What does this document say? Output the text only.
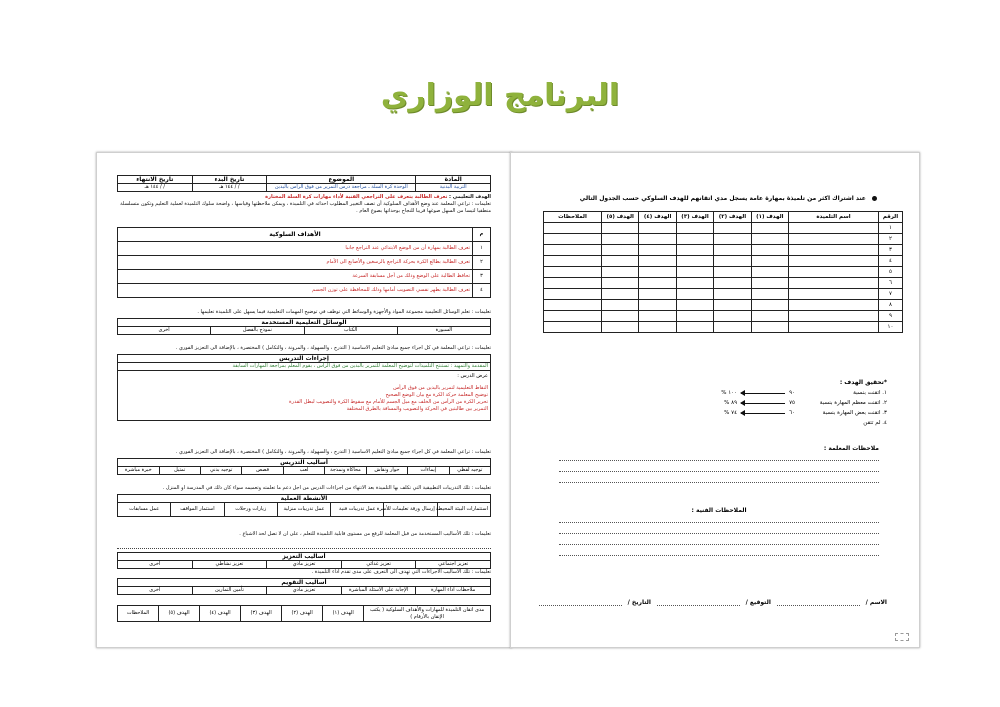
البرنامج الوزاري
المادة	الموضوع	تاريخ البدء	تاريخ الانتهاء
التربية البدنية	الوحدة كرة السلة ـ مراجعة درس التمرير من فوق الرأس باليدين	/ / ١٤٤ هـ	/ / ١٤٤ هـ
الهدف التعليمي : تعرف الطالبة يتعرف على التراجعي الفنية لأداء مهارات كرة السلة المختارة
تعليمات : تراعي المعلمة عند وضع الأهداف السلوكية أن تصف التغيير المطلوب احداثه في التلميذة ، ويمكن ملاحظتها وقياسها ، واضحة سلوك التلميذة لعملية التعليم وتكون متسلسلة منطقيا لتيسا من السهل صوغها قريبا للنجاح بوحداتها بصوغ العام .
م	الأهداف السلوكية
١	تعرف الطالبة بمهارة أن من الوضع الابتدائي عند التراجع جانبا
٢	تعرف الطالبة بطالع الكرة بحركة التراجع بالرسغين والأصابع الى الأمام
٣	تحافظ الطالبة على الوضع وذلك من أجل مسابقة السرعة
٤	تعرف الطالبة بطهر نفسي التصويب أمامها وذلك للمحافظة على توزن الجسم
تعليمات : تعلم الوسائل التعليمية مجموعة المواد والأجهزة والوسائط التي توظف في توضيح المهمات التعليمية فيما يسهل على التلميذة تعليمها .
الوسائل التعليمية المستخدمة
السبورة	الكتاب	نموذج بالفصل	أخرى
تعليمات : تراعي المعلمة في كل اجراء جميع مبادئ التعليم الاساسية ( التدرج ، والسهولة ، والمرونة ، والتكامل ) المختصرة ، بالإضافة الى التعزيز الفوري .
إجراءات التدريس
المقدمة والتمهيد : تستنتج التلميذات لتوضيح المعلمة للتمرير بالبدين من فوق الرأس ، بقوم المعلم بمراجعة المهارات السابقة

عرض الدرس :
النقاط التعليمية لتمرير باليدين من فوق الرأس
توضيح المعلمة حركة الكرة مع بيان الوضع الصحيح
تحرير الكرة من الرأس من الخلف مع ميل الجسم للأمام مع سقوط الكرة والتصويب لبطل القدرة
التمرير بين طالبتين في الحركة والتصويب والمسافة بالطرق المختلفة
تعليمات : تراعي المعلمة في كل اجراء جميع مبادئ التعليم الاساسية ( التدرج ، والسهولة ، والمرونة ، والتكامل ) المختصرة ، بالإضافة الى التعزيز الفوري .
أساليب التدريس
توجيه لفظي	إيماءات	حوار ونقاش	محاكاة ونمذجة	لعب	قصص	توجيه بدني	تمثيل	خبرة مباشرة
تعليمات : تلك التدريبات التطبيقية التي تكلف بها التلميذة بعد الانتهاء من اجراءات الدرس من اجل دعم ما تعلمته وتعميمه سواء كان ذلك في المدرسة او المنزل .
الأنشطة العملية
استثمارات البيئة المحيطة	إرسال ورقة تعليمات للأسرة	عمل تدريبات فنية	عمل تدريبات منزلية	زيارات ورحلات	استثمار المواقف	عمل مسابقات
تعليمات : تلك الأساليب المستخدمة من قبل المعلمة للرفع من مستوى قابلية التلميذة للتعلم ، على ان لا تصل لحد الاشباع .
أساليب التعزيز
تعزيز اجتماعي	تعزيز غذائي	تعزيز مادي	تعزيز نشاطي	أخرى
تعليمات : تلك الأساليب الاجراءات التي تهدف الى التعرف على مدى تقدم اداء التلميذة .
أساليب التقويم
ملاحظات اداء المهارة	الإجابة على الأسئلة المباشرة	تعزيز مادي	تأمين التمارين	أخرى
مدى اتقان التلميذة للمهارات والأهداف السلوكية ( يكتب الإتقان بالأرقام )	الهدف (١)	الهدف (٢)	الهدف (٣)	الهدف (٤)	الهدف (٥)	الملاحظات
عند اشتراك اكثر من تلميذة بمهارة عامة يسجل مدي اتقانهم للهدف السلوكي حسب الجدول التالي
الرقم	اسم التلميذة	الهدف (١)	الهدف (٢)	الهدف (٣)	الهدف (٤)	الهدف (٥)	الملاحظات
١							
٢							
٣							
٤							
٥							
٦							
٧							
٨							
٩							
١٠							
*تحقيق الهدف :
١. اتقنت بنسبة
٩٠
١٠٠ %
٢. اتقنت معظم المهارة بنسبة
٧٥
٨٩ %
٣. اتقنت بعض المهارة بنسبة
٦٠
٧٤ %
٤. لم تتقن
ملاحظات المعلمة :
الملاحظات الفنية :
الاسم /
التوقيع /
التاريخ /
